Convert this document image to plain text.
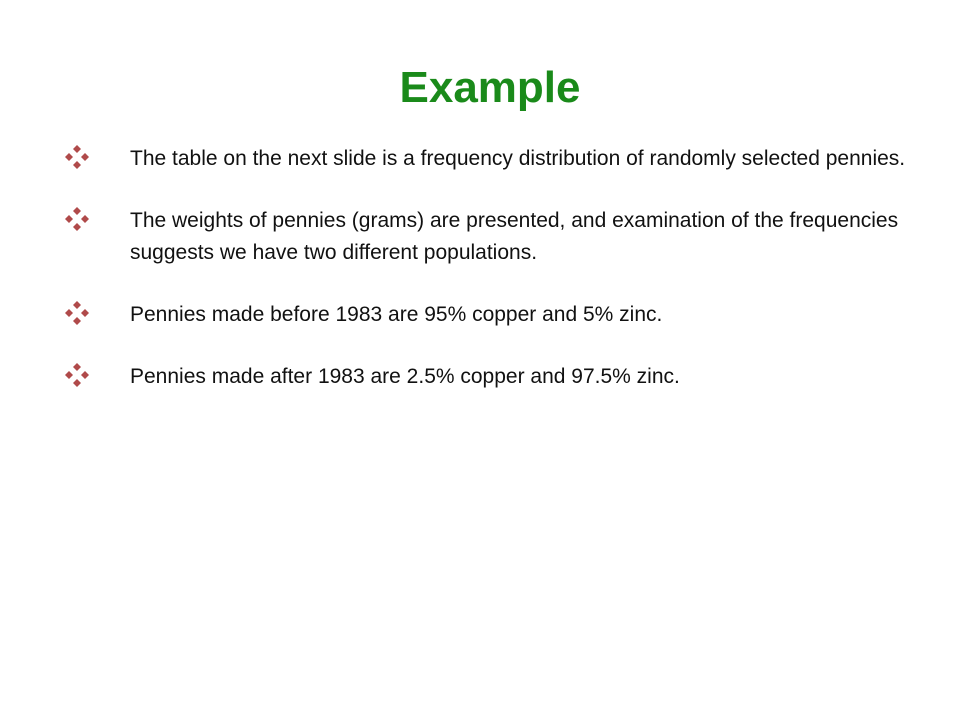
Example
The table on the next slide is a frequency distribution of randomly selected pennies.
The weights of pennies (grams) are presented, and examination of the frequencies suggests we have two different populations.
Pennies made before 1983 are 95% copper and 5% zinc.
Pennies made after 1983 are 2.5% copper and 97.5% zinc.
